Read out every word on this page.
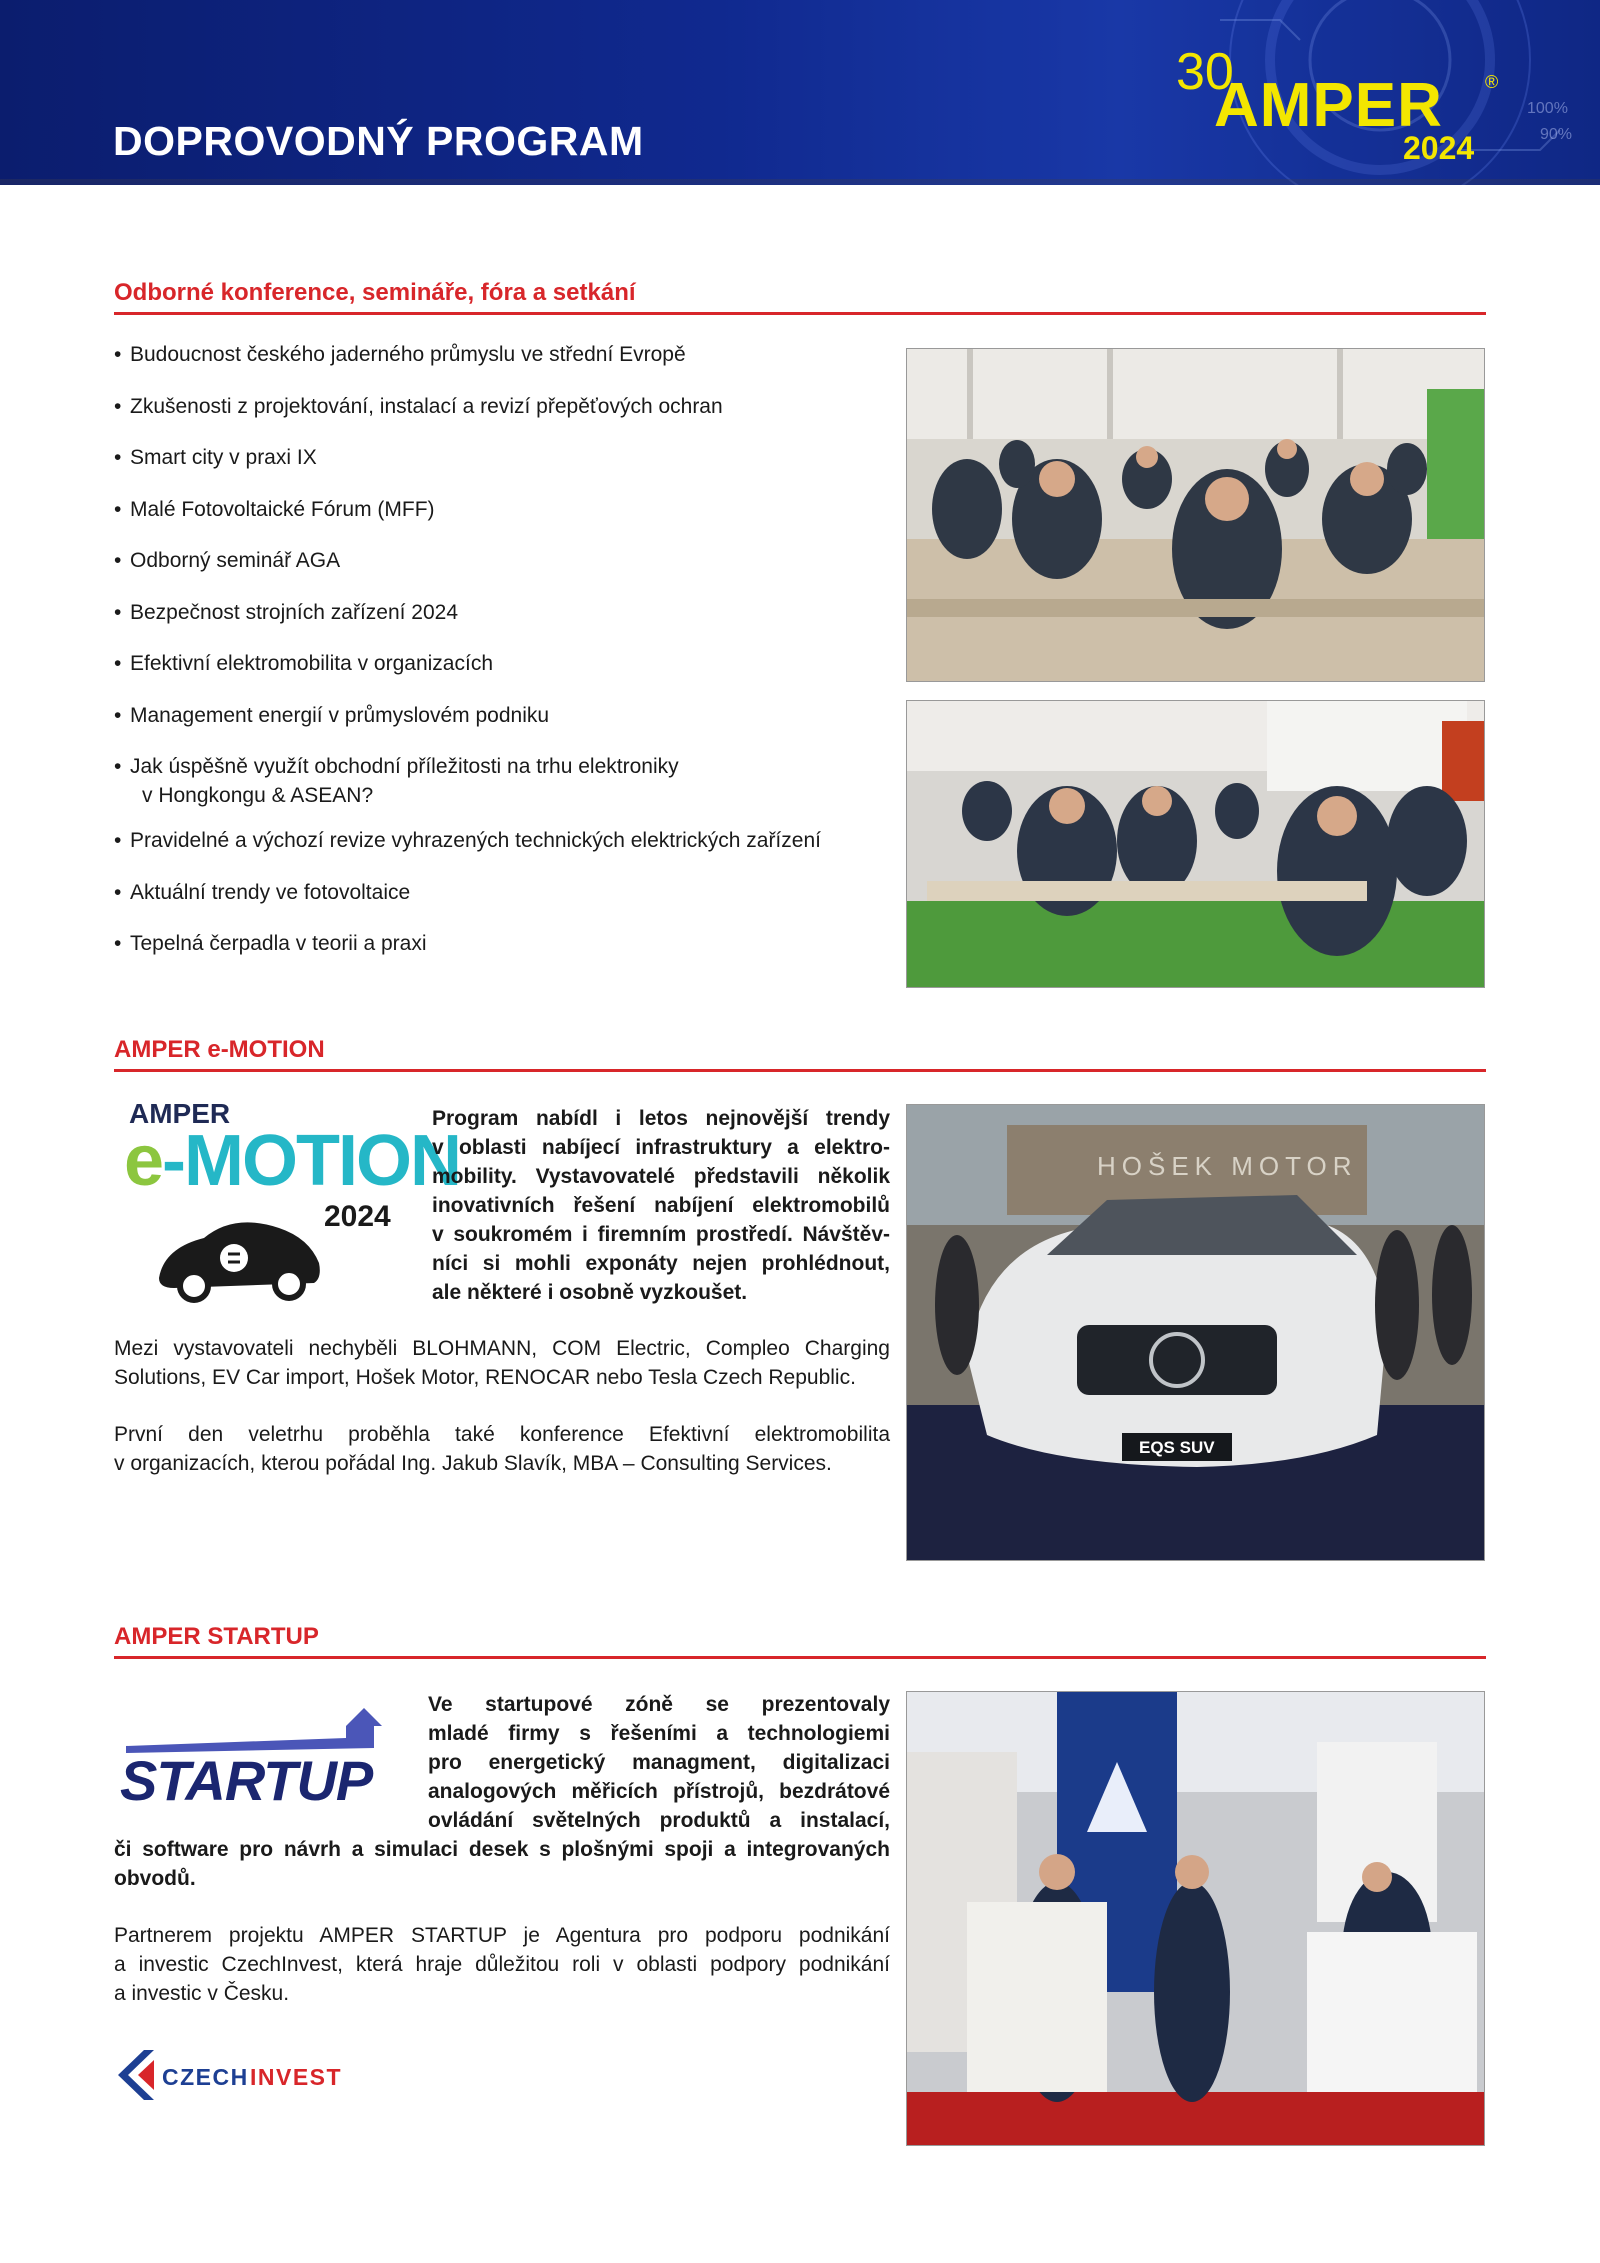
DOPROVODNÝ PROGRAM
30
AMPER ®
2024
100%
90%
Odborné konference, semináře, fóra a setkání
• Budoucnost českého jaderného průmyslu ve střední Evropě
• Zkušenosti z projektování, instalací a revizí přepěťových ochran
• Smart city v praxi IX
• Malé Fotovoltaické Fórum (MFF)
• Odborný seminář AGA
• Bezpečnost strojních zařízení 2024
• Efektivní elektromobilita v organizacích
• Management energií v průmyslovém podniku
• Jak úspěšně využít obchodní příležitosti na trhu elektroniky
v Hongkongu & ASEAN?
• Pravidelné a výchozí revize vyhrazených technických elektrických zařízení
• Aktuální trendy ve fotovoltaice
• Tepelná čerpadla v teorii a praxi
AMPER e-MOTION
AMPER
e-MOTION
2024
Program nabídl i letos nejnovější trendy
v oblasti nabíjecí infrastruktury a elektro-
mobility. Vystavovatelé představili několik
inovativních řešení nabíjení elektromobilů
v soukromém i firemním prostředí. Návštěv-
níci si mohli exponáty nejen prohlédnout,
ale některé i osobně vyzkoušet.
Mezi vystavovateli nechyběli BLOHMANN, COM Electric, Compleo Charging
Solutions, EV Car import, Hošek Motor, RENOCAR nebo Tesla Czech Republic.
První den veletrhu proběhla také konference Efektivní elektromobilita
v organizacích, kterou pořádal Ing. Jakub Slavík, MBA – Consulting Services.
HOŠEK MOTOR
EQS SUV
AMPER STARTUP
AMPER
STARTUP
Ve startupové zóně se prezentovaly
mladé firmy s řešeními a technologiemi
pro energetický managment, digitalizaci
analogových měřicích přístrojů, bezdrátové
ovládání světelných produktů a instalací,
či software pro návrh a simulaci desek s plošnými spoji a integrovaných
obvodů.
Partnerem projektu AMPER STARTUP je Agentura pro podporu podnikání
a investic CzechInvest, která hraje důležitou roli v oblasti podpory podnikání
a investic v Česku.
CZECH INVEST
